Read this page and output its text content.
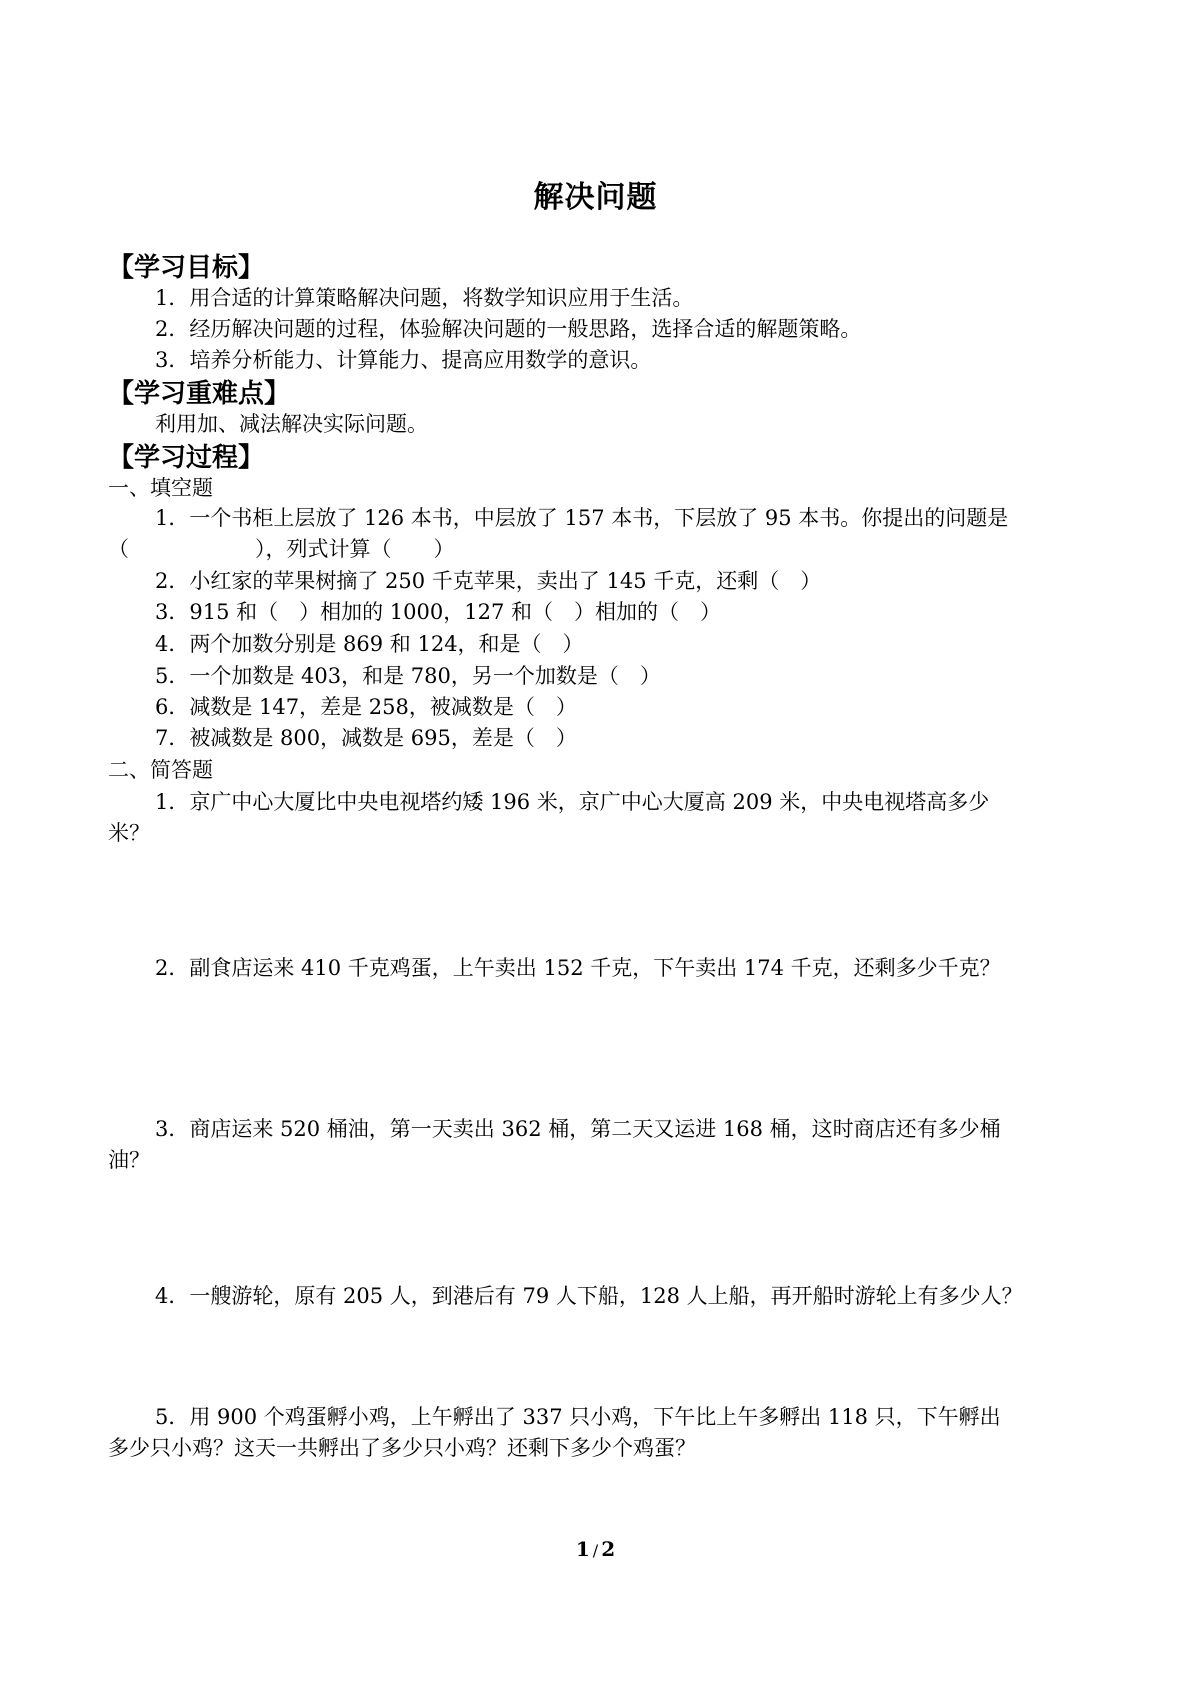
解决问题
【学习目标】
1．用合适的计算策略解决问题，将数学知识应用于生活。
2．经历解决问题的过程，体验解决问题的一般思路，选择合适的解题策略。
3．培养分析能力、计算能力、提高应用数学的意识。
【学习重难点】
利用加、减法解决实际问题。
【学习过程】
一、填空题
1．一个书柜上层放了 126 本书，中层放了 157 本书，下层放了 95 本书。你提出的问题是
（　　　　　　），列式计算（　　）
2．小红家的苹果树摘了 250 千克苹果，卖出了 145 千克，还剩（　）
3．915 和（　）相加的 1000，127 和（　）相加的（　）
4．两个加数分别是 869 和 124，和是（　）
5．一个加数是 403，和是 780，另一个加数是（　）
6．减数是 147，差是 258，被减数是（　）
7．被减数是 800，减数是 695，差是（　）
二、简答题
1．京广中心大厦比中央电视塔约矮 196 米，京广中心大厦高 209 米，中央电视塔高多少
米？
2．副食店运来 410 千克鸡蛋，上午卖出 152 千克，下午卖出 174 千克，还剩多少千克？
3．商店运来 520 桶油，第一天卖出 362 桶，第二天又运进 168 桶，这时商店还有多少桶
油？
4．一艘游轮，原有 205 人，到港后有 79 人下船，128 人上船，再开船时游轮上有多少人？
5．用 900 个鸡蛋孵小鸡，上午孵出了 337 只小鸡，下午比上午多孵出 118 只，下午孵出
多少只小鸡？这天一共孵出了多少只小鸡？还剩下多少个鸡蛋？
1 / 2
